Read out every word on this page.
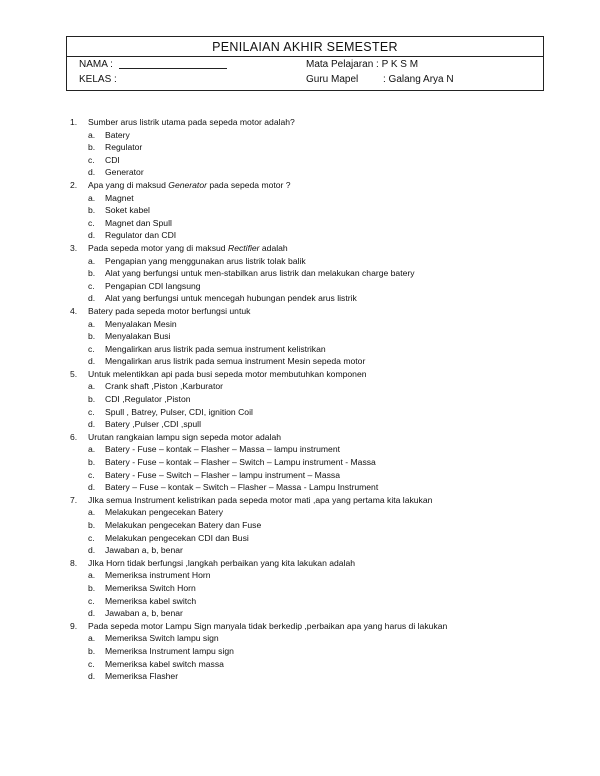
PENILAIAN AKHIR SEMESTER
NAMA :
KELAS :
Mata Pelajaran : P K S M
Guru Mapel : Galang Arya N
1.	Sumber arus listrik utama pada sepeda motor adalah?
a.	Batery
b.	Regulator
c.	CDI
d.	Generator
2.	Apa yang di maksud Generator pada sepeda motor ?
a.	Magnet
b.	Soket kabel
c.	Magnet dan Spull
d.	Regulator dan CDI
3.	Pada sepeda motor yang di maksud Rectifier adalah
a.	Pengapian yang menggunakan arus listrik tolak balik
b.	Alat yang berfungsi untuk men-stabilkan arus listrik dan melakukan charge batery
c.	Pengapian CDI langsung
d.	Alat yang berfungsi untuk mencegah hubungan pendek arus listrik
4.	Batery pada sepeda motor berfungsi untuk
a.	Menyalakan Mesin
b.	Menyalakan Busi
c.	Mengalirkan arus listrik pada semua instrument kelistrikan
d.	Mengalirkan arus listrik pada semua instrument Mesin sepeda motor
5.	Untuk melentikkan api pada busi sepeda motor membutuhkan komponen
a.	Crank shaft ,Piston ,Karburator
b.	CDI ,Regulator ,Piston
c.	Spull , Batrey, Pulser, CDI, ignition Coil
d.	Batery ,Pulser ,CDI ,spull
6.	Urutan rangkaian lampu sign sepeda motor adalah
a.	Batery - Fuse – kontak – Flasher – Massa – lampu instrument
b.	Batery - Fuse – kontak – Flasher – Switch – Lampu instrument - Massa
c.	Batery - Fuse – Switch – Flasher – lampu instrument – Massa
d.	Batery – Fuse – kontak – Switch – Flasher – Massa - Lampu Instrument
7.	JIka semua Instrument kelistrikan pada sepeda motor mati ,apa yang pertama kita lakukan
a.	Melakukan pengecekan Batery
b.	Melakukan pengecekan Batery dan Fuse
c.	Melakukan pengecekan CDI dan Busi
d.	Jawaban a, b, benar
8.	JIka Horn tidak berfungsi ,langkah perbaikan yang kita lakukan adalah
a.	Memeriksa instrument Horn
b.	Memeriksa Switch Horn
c.	Memeriksa kabel switch
d.	Jawaban a, b, benar
9.	Pada sepeda motor Lampu Sign manyala tidak berkedip ,perbaikan apa yang harus di lakukan
a.	Memeriksa Switch lampu sign
b.	Memeriksa Instrument lampu sign
c.	Memeriksa kabel switch massa
d.	Memeriksa Flasher
